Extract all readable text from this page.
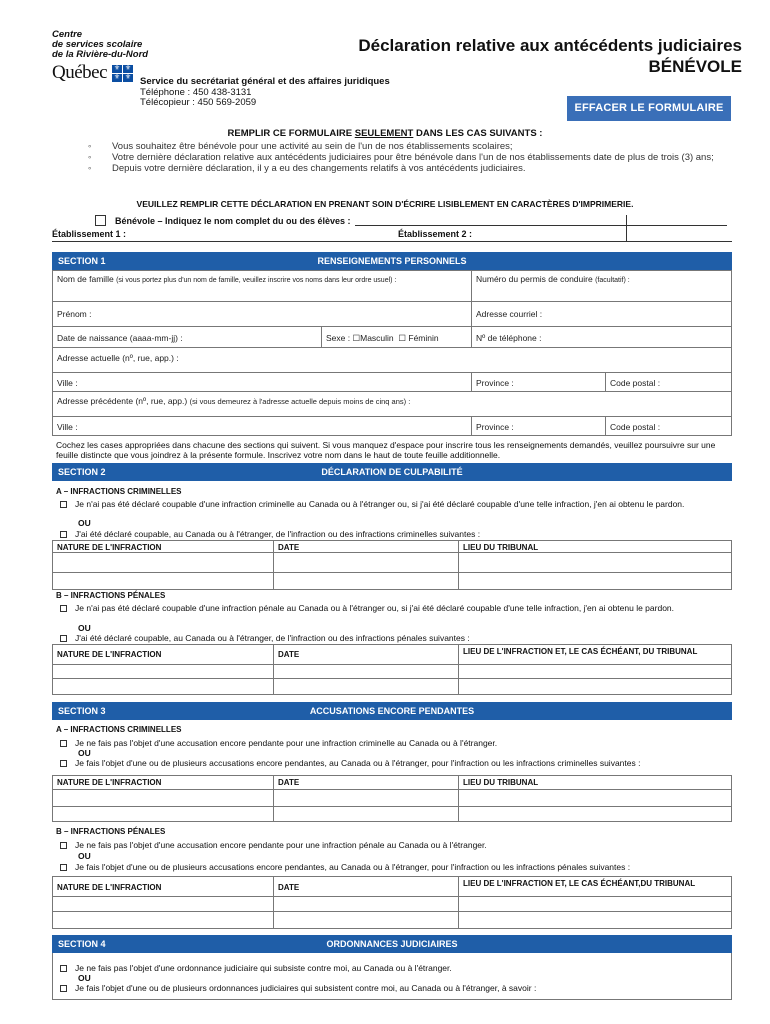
Centre
de services scolaire
de la Rivière-du-Nord
Québec ⚜ ⚜
⚜ ⚜
Déclaration relative aux antécédents judiciaires
BÉNÉVOLE
Service du secrétariat général et des affaires juridiques
Téléphone : 450 438-3131
Télécopieur : 450 569-2059	EFFACER LE FORMULAIRE
REMPLIR CE FORMULAIRE SEULEMENT DANS LES CAS SUIVANTS :
◦ Vous souhaitez être bénévole pour une activité au sein de l'un de nos établissements scolaires;
◦ Votre dernière déclaration relative aux antécédents judiciaires pour être bénévole dans l'un de nos établissements date de plus de trois (3) ans;
◦ Depuis votre dernière déclaration, il y a eu des changements relatifs à vos antécédents judiciaires.
VEUILLEZ REMPLIR CETTE DÉCLARATION EN PRENANT SOIN D'ÉCRIRE LISIBLEMENT EN CARACTÈRES D'IMPRIMERIE.
Bénévole – Indiquez le nom complet du ou des élèves :
Établissement 1 :	Établissement 2 :
SECTION 1	RENSEIGNEMENTS PERSONNELS
Nom de famille (si vous portez plus d'un nom de famille, veuillez inscrire vos noms dans leur ordre usuel) :	Numéro du permis de conduire (facultatif) :
Prénom :	Adresse courriel :
Date de naissance (aaaa-mm-jj) :	Sexe : ☐Masculin ☐ Féminin	Nº de téléphone :
Adresse actuelle (nº, rue, app.) :
Ville :	Province :	Code postal :
Adresse précédente (nº, rue, app.) (si vous demeurez à l'adresse actuelle depuis moins de cinq ans) :
Ville :	Province :	Code postal :
Cochez les cases appropriées dans chacune des sections qui suivent. Si vous manquez d'espace pour inscrire tous les renseignements demandés, veuillez poursuivre sur une feuille distincte que vous joindrez à la présente formule. Inscrivez votre nom dans le haut de toute feuille additionnelle.
SECTION 2	DÉCLARATION DE CULPABILITÉ
A – INFRACTIONS CRIMINELLES
Je n'ai pas été déclaré coupable d'une infraction criminelle au Canada ou à l'étranger ou, si j'ai été déclaré coupable d'une telle infraction, j'en ai obtenu le pardon.
OU
J'ai été déclaré coupable, au Canada ou à l'étranger, de l'infraction ou des infractions criminelles suivantes :
NATURE DE L'INFRACTION	DATE	LIEU DU TRIBUNAL
B – INFRACTIONS PÉNALES
Je n'ai pas été déclaré coupable d'une infraction pénale au Canada ou à l'étranger ou, si j'ai été déclaré coupable d'une telle infraction, j'en ai obtenu le pardon.
OU
J'ai été déclaré coupable, au Canada ou à l'étranger, de l'infraction ou des infractions pénales suivantes :
NATURE DE L'INFRACTION	DATE	LIEU DE L'INFRACTION ET, LE CAS ÉCHÉANT, DU TRIBUNAL
SECTION 3	ACCUSATIONS ENCORE PENDANTES
A – INFRACTIONS CRIMINELLES
Je ne fais pas l'objet d'une accusation encore pendante pour une infraction criminelle au Canada ou à l'étranger.
OU
Je fais l'objet d'une ou de plusieurs accusations encore pendantes, au Canada ou à l'étranger, pour l'infraction ou les infractions criminelles suivantes :
NATURE DE L'INFRACTION	DATE	LIEU DU TRIBUNAL
B – INFRACTIONS PÉNALES
Je ne fais pas l'objet d'une accusation encore pendante pour une infraction pénale au Canada ou à l'étranger.
OU
Je fais l'objet d'une ou de plusieurs accusations encore pendantes, au Canada ou à l'étranger, pour l'infraction ou les infractions pénales suivantes :
NATURE DE L'INFRACTION	DATE	LIEU DE L'INFRACTION ET, LE CAS ÉCHÉANT,DU TRIBUNAL
SECTION 4	ORDONNANCES JUDICIAIRES
Je ne fais pas l'objet d'une ordonnance judiciaire qui subsiste contre moi, au Canada ou à l'étranger.
OU
Je fais l'objet d'une ou de plusieurs ordonnances judiciaires qui subsistent contre moi, au Canada ou à l'étranger, à savoir :
